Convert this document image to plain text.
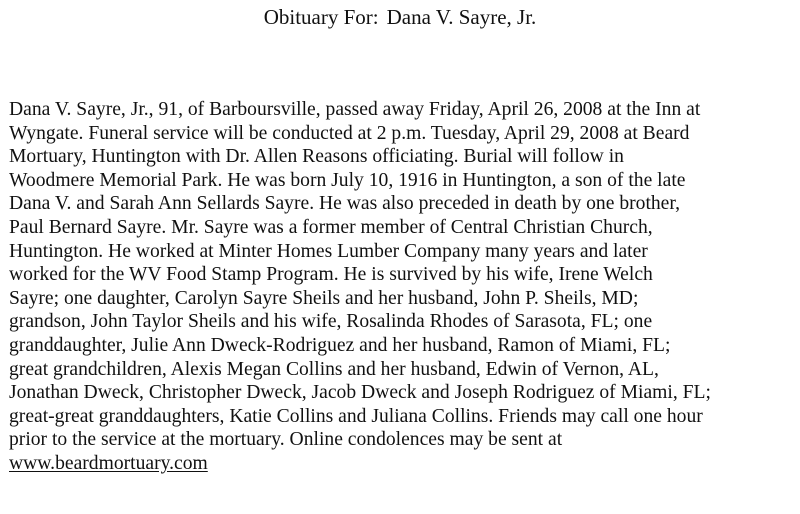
Obituary For: Dana V. Sayre, Jr.
Dana V. Sayre, Jr., 91, of Barboursville, passed away Friday, April 26, 2008 at the Inn at
Wyngate. Funeral service will be conducted at 2 p.m. Tuesday, April 29, 2008 at Beard
Mortuary, Huntington with Dr. Allen Reasons officiating. Burial will follow in
Woodmere Memorial Park. He was born July 10, 1916 in Huntington, a son of the late
Dana V. and Sarah Ann Sellards Sayre. He was also preceded in death by one brother,
Paul Bernard Sayre. Mr. Sayre was a former member of Central Christian Church,
Huntington. He worked at Minter Homes Lumber Company many years and later
worked for the WV Food Stamp Program. He is survived by his wife, Irene Welch
Sayre; one daughter, Carolyn Sayre Sheils and her husband, John P. Sheils, MD;
grandson, John Taylor Sheils and his wife, Rosalinda Rhodes of Sarasota, FL; one
granddaughter, Julie Ann Dweck-Rodriguez and her husband, Ramon of Miami, FL;
great grandchildren, Alexis Megan Collins and her husband, Edwin of Vernon, AL,
Jonathan Dweck, Christopher Dweck, Jacob Dweck and Joseph Rodriguez of Miami, FL;
great-great granddaughters, Katie Collins and Juliana Collins. Friends may call one hour
prior to the service at the mortuary. Online condolences may be sent at
www.beardmortuary.com
